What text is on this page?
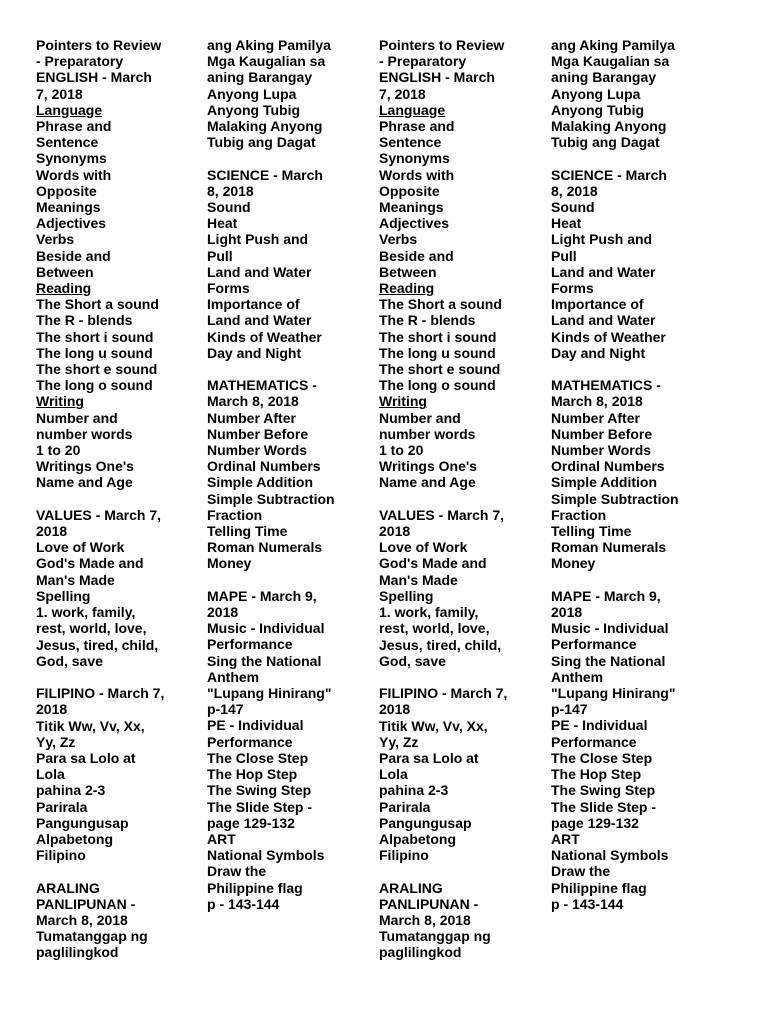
Pointers to Review
- Preparatory
ENGLISH - March
7, 2018
Language
Phrase and
Sentence
Synonyms
Words with
Opposite
Meanings
Adjectives
Verbs
Beside and
Between
Reading
The Short a sound
The R - blends
The short i sound
The long u sound
The short e sound
The long o sound
Writing
Number and
number words
1 to 20
Writings One's
Name and Age
VALUES - March 7,
2018
Love of Work
God's Made and
Man's Made
Spelling
1. work, family,
rest, world, love,
Jesus, tired, child,
God, save
FILIPINO - March 7,
2018
Titik Ww, Vv, Xx,
Yy, Zz
Para sa Lolo at
Lola
pahina 2-3
Parirala
Pangungusap
Alpabetong
Filipino
ARALING
PANLIPUNAN -
March 8, 2018
Tumatanggap ng
paglilingkod
ang Aking Pamilya
Mga Kaugalian sa
aning Barangay
Anyong Lupa
Anyong Tubig
Malaking Anyong
Tubig ang Dagat
SCIENCE - March
8, 2018
Sound
Heat
Light Push and
Pull
Land and Water
Forms
Importance of
Land and Water
Kinds of Weather
Day and Night
MATHEMATICS -
March 8, 2018
Number After
Number Before
Number Words
Ordinal Numbers
Simple Addition
Simple Subtraction
Fraction
Telling Time
Roman Numerals
Money
MAPE - March 9,
2018
Music - Individual
Performance
Sing the National
Anthem
"Lupang Hinirang"
p-147
PE - Individual
Performance
The Close Step
The Hop Step
The Swing Step
The Slide Step -
page 129-132
ART
National Symbols
Draw the
Philippine flag
p - 143-144
Pointers to Review
- Preparatory
ENGLISH - March
7, 2018
Language
Phrase and
Sentence
Synonyms
Words with
Opposite
Meanings
Adjectives
Verbs
Beside and
Between
Reading
The Short a sound
The R - blends
The short i sound
The long u sound
The short e sound
The long o sound
Writing
Number and
number words
1 to 20
Writings One's
Name and Age
VALUES - March 7,
2018
Love of Work
God's Made and
Man's Made
Spelling
1. work, family,
rest, world, love,
Jesus, tired, child,
God, save
FILIPINO - March 7,
2018
Titik Ww, Vv, Xx,
Yy, Zz
Para sa Lolo at
Lola
pahina 2-3
Parirala
Pangungusap
Alpabetong
Filipino
ARALING
PANLIPUNAN -
March 8, 2018
Tumatanggap ng
paglilingkod
ang Aking Pamilya
Mga Kaugalian sa
aning Barangay
Anyong Lupa
Anyong Tubig
Malaking Anyong
Tubig ang Dagat
SCIENCE - March
8, 2018
Sound
Heat
Light Push and
Pull
Land and Water
Forms
Importance of
Land and Water
Kinds of Weather
Day and Night
MATHEMATICS -
March 8, 2018
Number After
Number Before
Number Words
Ordinal Numbers
Simple Addition
Simple Subtraction
Fraction
Telling Time
Roman Numerals
Money
MAPE - March 9,
2018
Music - Individual
Performance
Sing the National
Anthem
"Lupang Hinirang"
p-147
PE - Individual
Performance
The Close Step
The Hop Step
The Swing Step
The Slide Step -
page 129-132
ART
National Symbols
Draw the
Philippine flag
p - 143-144
